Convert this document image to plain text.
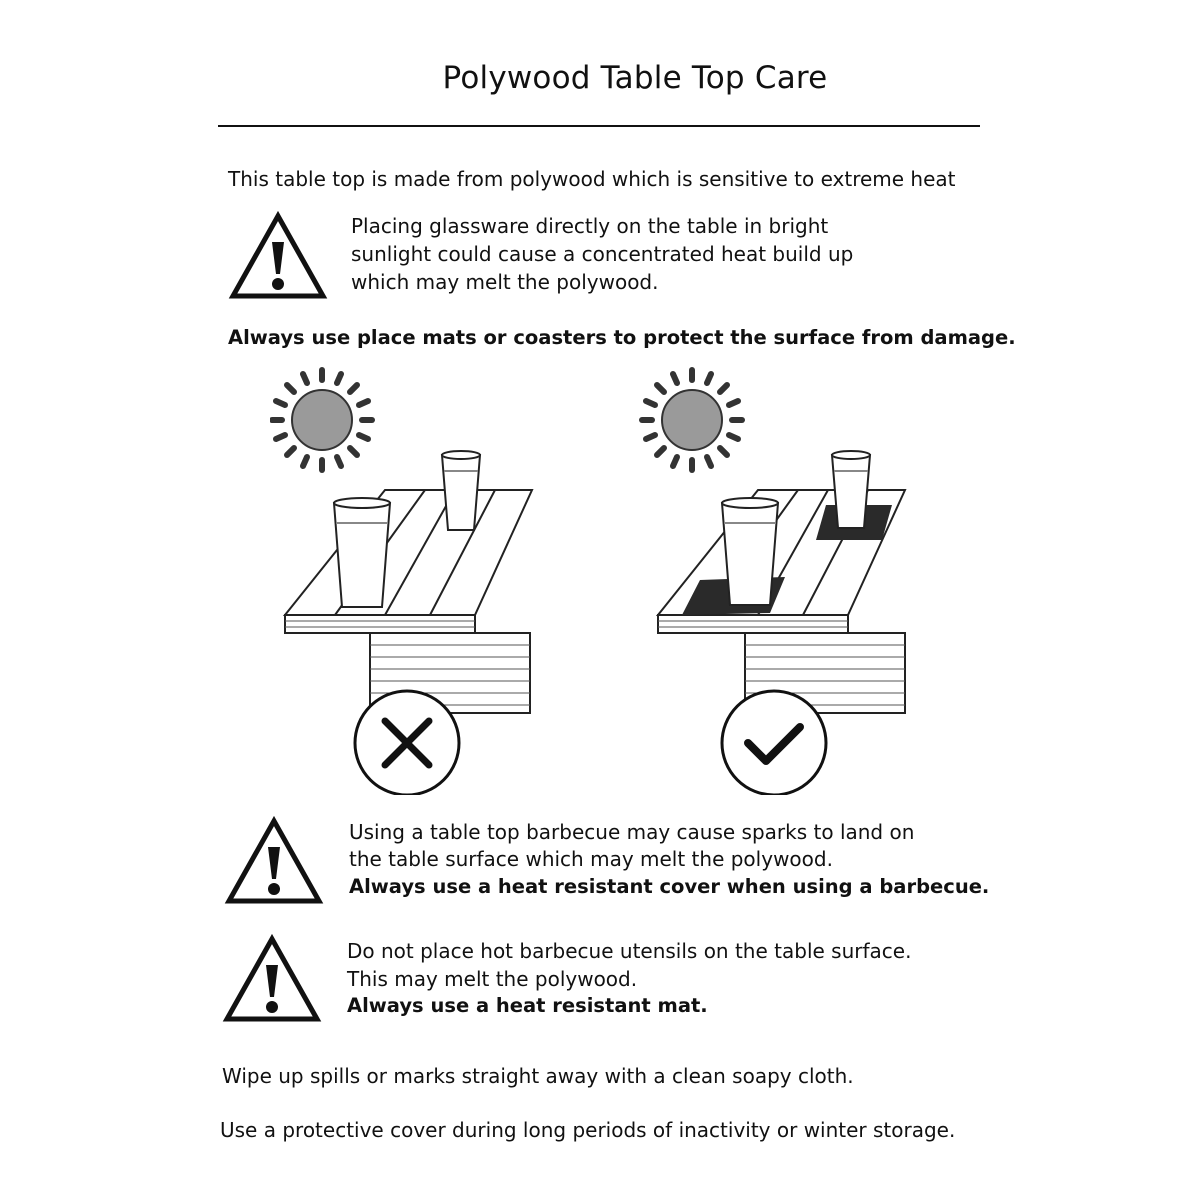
Polywood Table Top Care
This table top is made from polywood which is sensitive to extreme heat
Placing glassware directly on the table in bright
sunlight could cause a concentrated heat build up
which may melt the polywood.
Always use place mats or coasters to protect the surface from damage.
Using a table top barbecue may cause sparks to land on
the table surface which may melt the polywood.
Always use a heat resistant cover when using a barbecue.
Do not place hot barbecue utensils on the table surface.
This may melt the polywood.
Always use a heat resistant mat.
Wipe up spills or marks straight away with a clean soapy cloth.
Use a protective cover during long periods of inactivity or winter storage.
